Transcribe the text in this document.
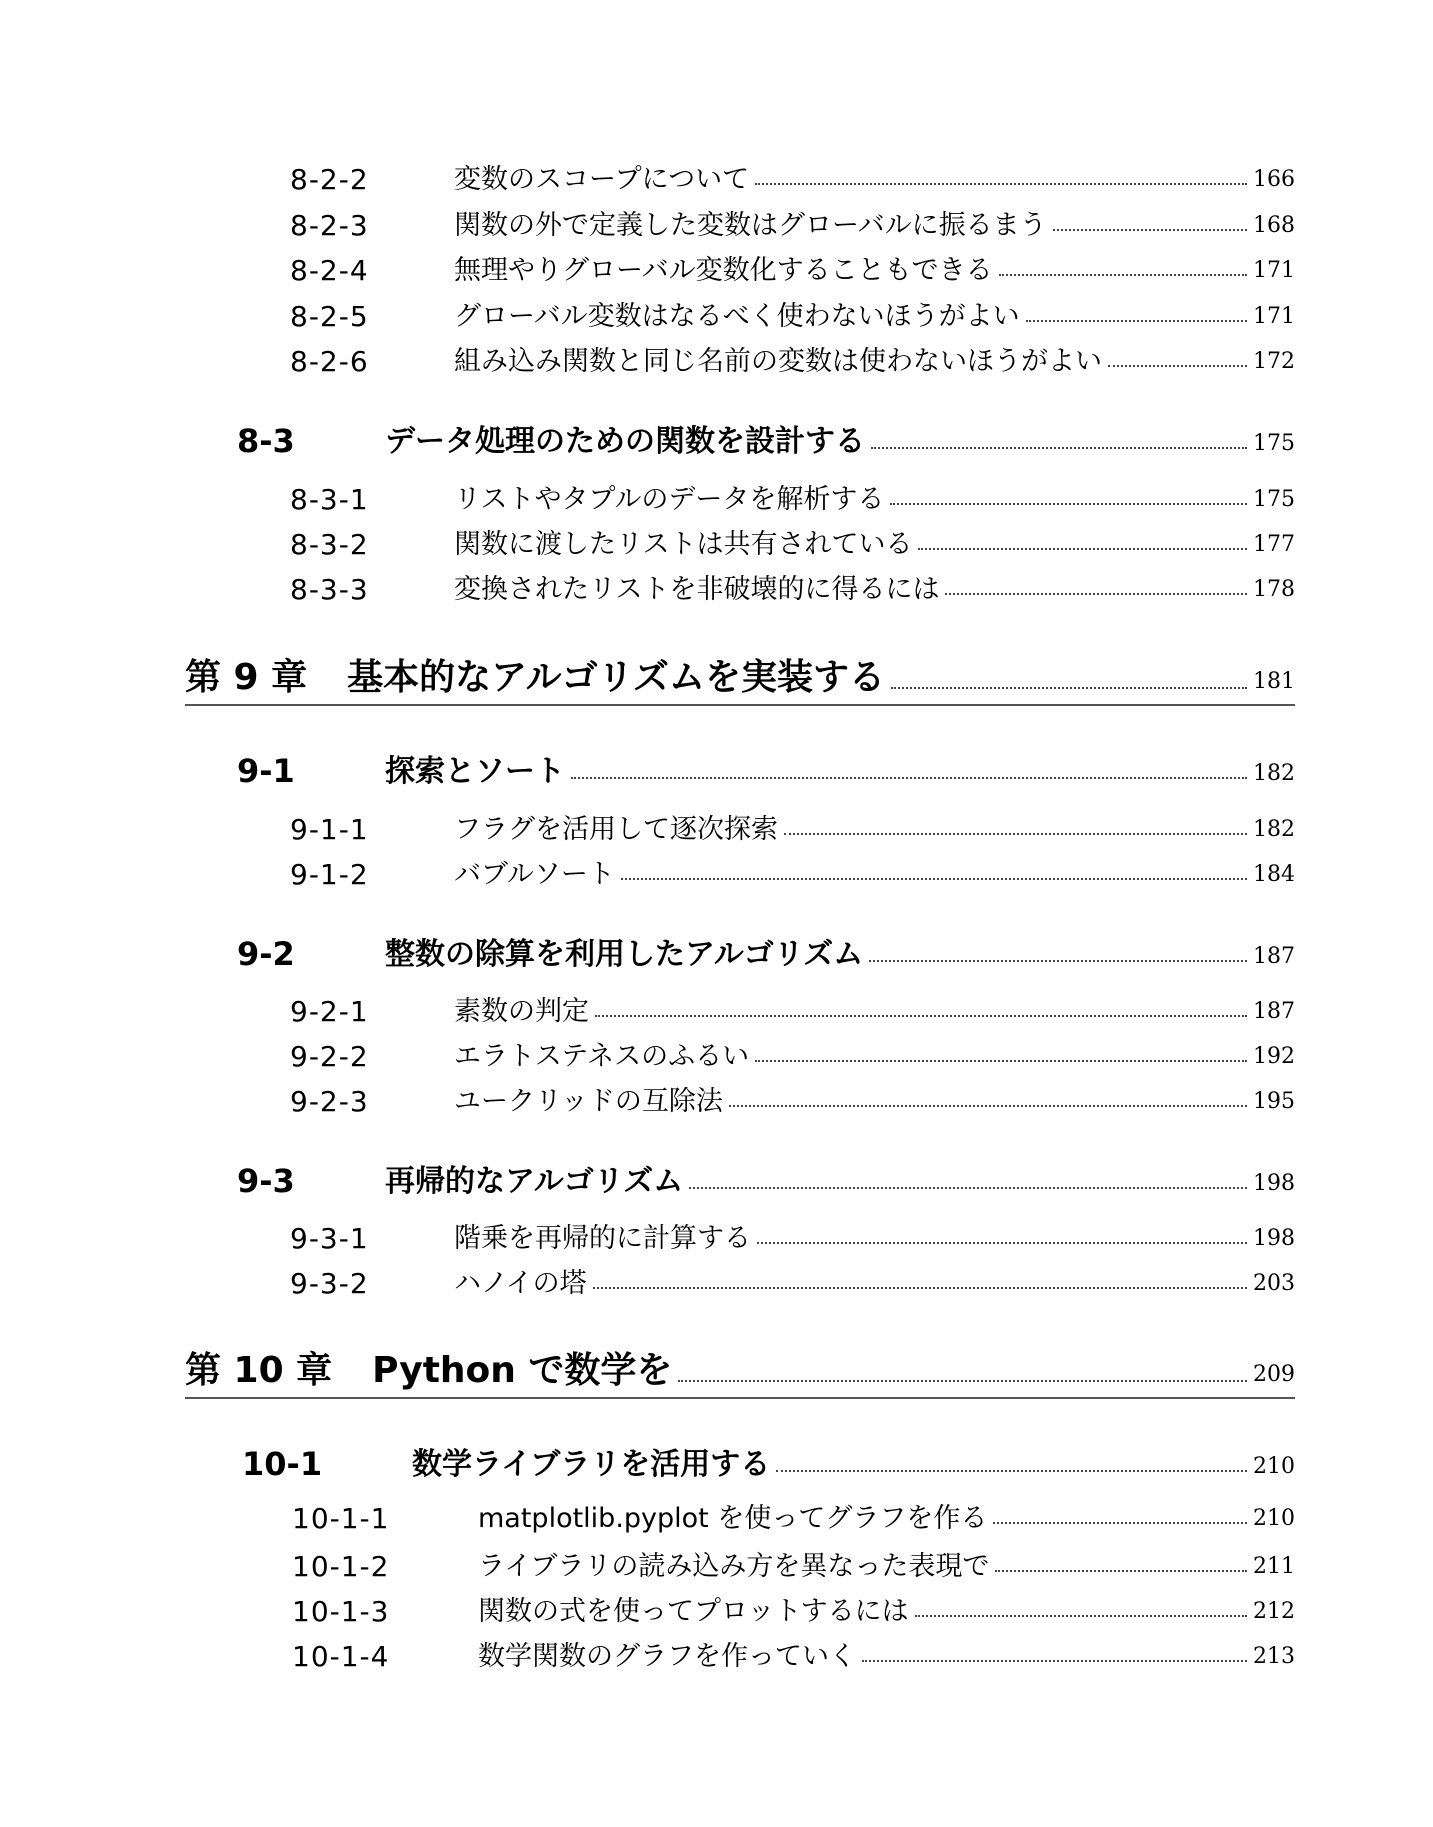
8-2-2	変数のスコープについて	166
8-2-3	関数の外で定義した変数はグローバルに振るまう	168
8-2-4	無理やりグローバル変数化することもできる	171
8-2-5	グローバル変数はなるべく使わないほうがよい	171
8-2-6	組み込み関数と同じ名前の変数は使わないほうがよい	172
8-3	データ処理のための関数を設計する	175
8-3-1	リストやタプルのデータを解析する	175
8-3-2	関数に渡したリストは共有されている	177
8-3-3	変換されたリストを非破壊的に得るには	178
第 9 章 基本的なアルゴリズムを実装する	181
9-1	探索とソート	182
9-1-1	フラグを活用して逐次探索	182
9-1-2	バブルソート	184
9-2	整数の除算を利用したアルゴリズム	187
9-2-1	素数の判定	187
9-2-2	エラトステネスのふるい	192
9-2-3	ユークリッドの互除法	195
9-3	再帰的なアルゴリズム	198
9-3-1	階乗を再帰的に計算する	198
9-3-2	ハノイの塔	203
第 10 章 Python で数学を	209
10-1	数学ライブラリを活用する	210
10-1-1	matplotlib.pyplot を使ってグラフを作る	210
10-1-2	ライブラリの読み込み方を異なった表現で	211
10-1-3	関数の式を使ってプロットするには	212
10-1-4	数学関数のグラフを作っていく	213
